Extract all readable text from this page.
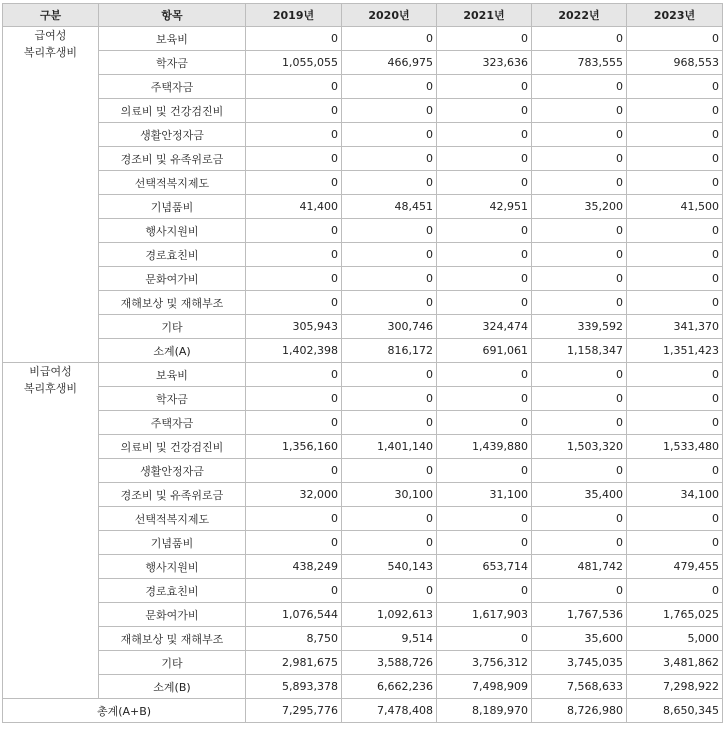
구분	항목	2019년	2020년	2021년	2022년	2023년

급여성
복리후생비	보육비	0	0	0	0	0
	학자금	1,055,055	466,975	323,636	783,555	968,553
	주택자금	0	0	0	0	0
	의료비 및 건강검진비	0	0	0	0	0
	생활안정자금	0	0	0	0	0
	경조비 및 유족위로금	0	0	0	0	0
	선택적복지제도	0	0	0	0	0
	기념품비	41,400	48,451	42,951	35,200	41,500
	행사지원비	0	0	0	0	0
	경로효친비	0	0	0	0	0
	문화여가비	0	0	0	0	0
	재해보상 및 재해부조	0	0	0	0	0
	기타	305,943	300,746	324,474	339,592	341,370
	소계(A)	1,402,398	816,172	691,061	1,158,347	1,351,423

비급여성
복리후생비	보육비	0	0	0	0	0
	학자금	0	0	0	0	0
	주택자금	0	0	0	0	0
	의료비 및 건강검진비	1,356,160	1,401,140	1,439,880	1,503,320	1,533,480
	생활안정자금	0	0	0	0	0
	경조비 및 유족위로금	32,000	30,100	31,100	35,400	34,100
	선택적복지제도	0	0	0	0	0
	기념품비	0	0	0	0	0
	행사지원비	438,249	540,143	653,714	481,742	479,455
	경로효친비	0	0	0	0	0
	문화여가비	1,076,544	1,092,613	1,617,903	1,767,536	1,765,025
	재해보상 및 재해부조	8,750	9,514	0	35,600	5,000
	기타	2,981,675	3,588,726	3,756,312	3,745,035	3,481,862
	소계(B)	5,893,378	6,662,236	7,498,909	7,568,633	7,298,922
총계(A+B)		7,295,776	7,478,408	8,189,970	8,726,980	8,650,345
